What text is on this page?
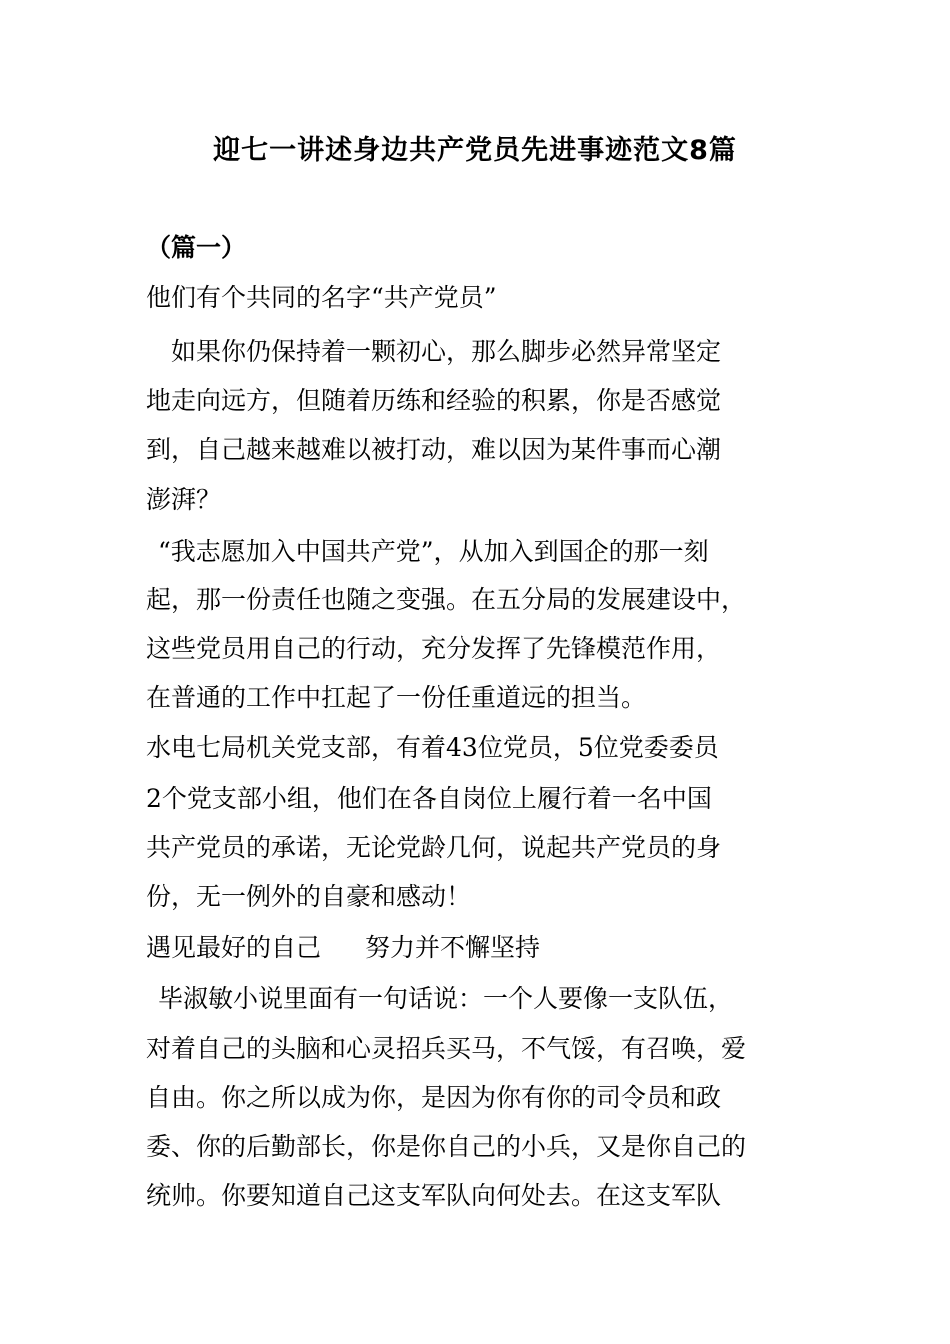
迎七一讲述身边共产党员先进事迹范文8篇
（篇一）
他们有个共同的名字“共产党员”
如果你仍保持着一颗初心，那么脚步必然异常坚定
地走向远方，但随着历练和经验的积累，你是否感觉
到，自己越来越难以被打动，难以因为某件事而心潮
澎湃？
“我志愿加入中国共产党”，从加入到国企的那一刻
起，那一份责任也随之变强。在五分局的发展建设中，
这些党员用自己的行动，充分发挥了先锋模范作用，
在普通的工作中扛起了一份任重道远的担当。
水电七局机关党支部，有着43位党员，5位党委委员
2个党支部小组，他们在各自岗位上履行着一名中国
共产党员的承诺，无论党龄几何，说起共产党员的身
份，无一例外的自豪和感动！
遇见最好的自己 努力并不懈坚持
毕淑敏小说里面有一句话说：一个人要像一支队伍，
对着自己的头脑和心灵招兵买马，不气馁，有召唤，爱
自由。你之所以成为你，是因为你有你的司令员和政
委、你的后勤部长，你是你自己的小兵，又是你自己的
统帅。你要知道自己这支军队向何处去。在这支军队
